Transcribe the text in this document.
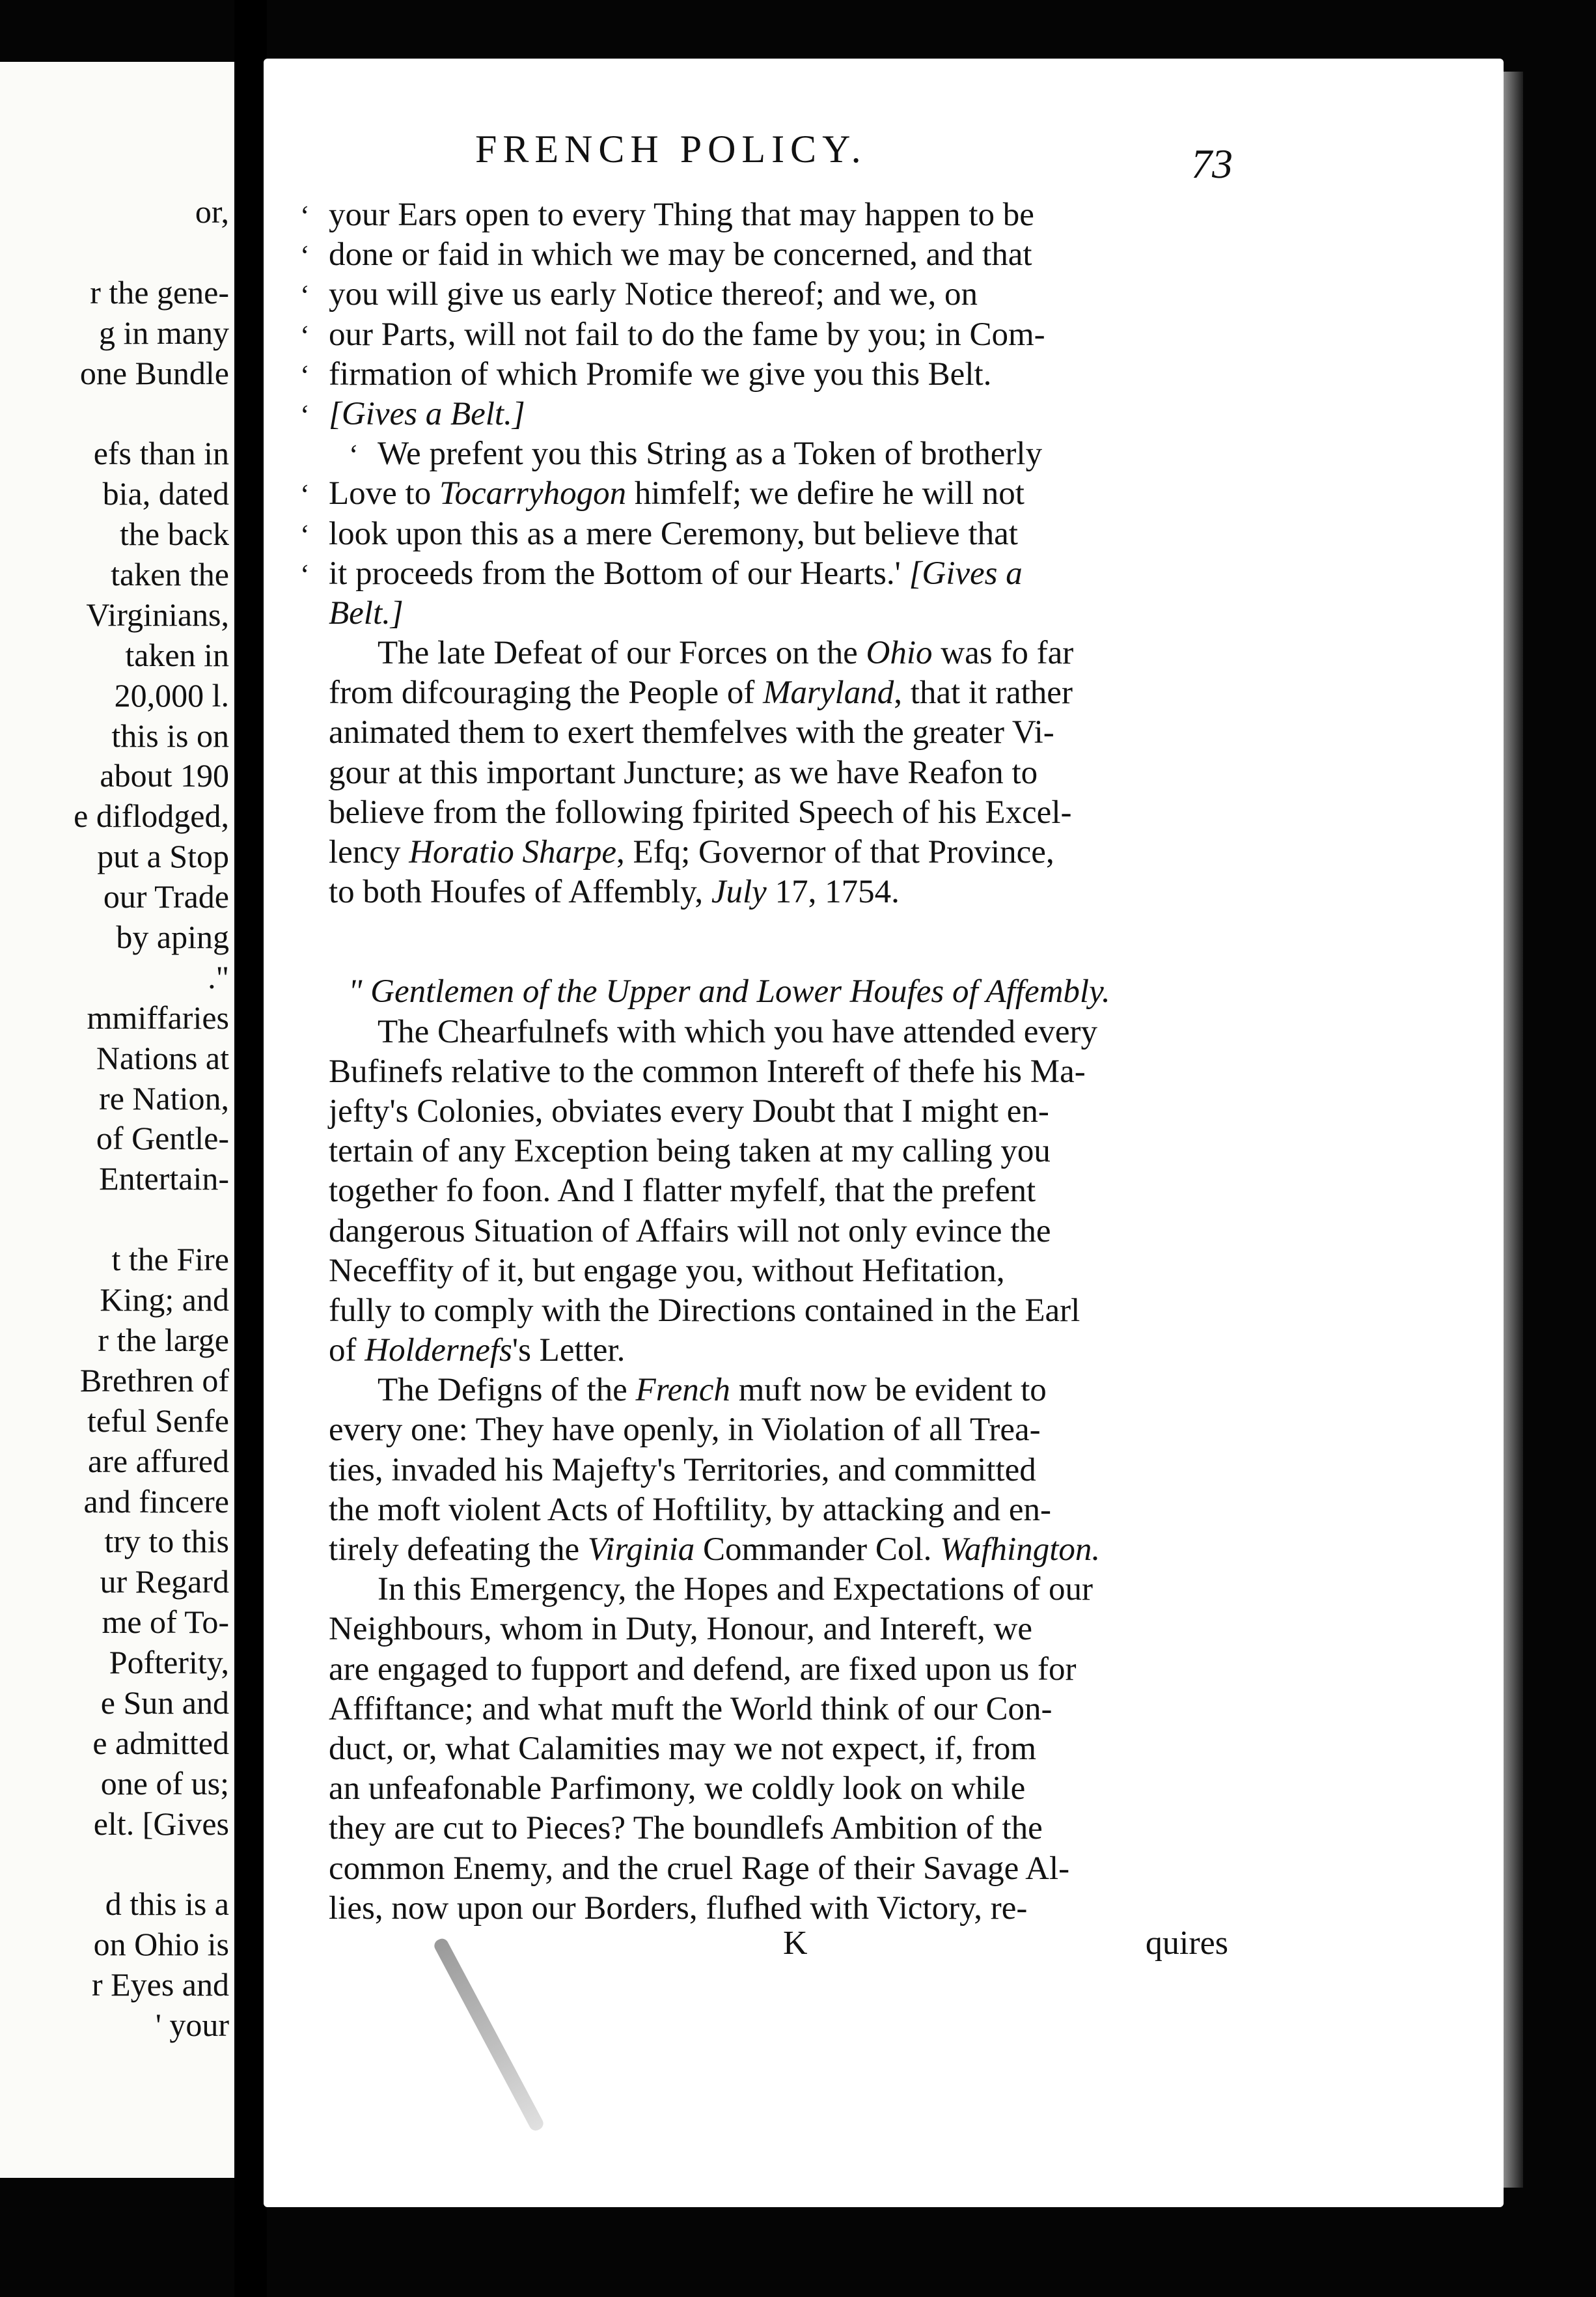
or,
r the gene-
g in many
one Bundle
efs than in
bia, dated
the back
taken the
Virginians,
taken in
20,000 l.
this is on
about 190
e diflodged,
put a Stop
our Trade
by aping
."
mmiffaries
Nations at
re Nation,
of Gentle-
Entertain-
t the Fire
King; and
r the large
Brethren of
teful Senfe
are affured
and fincere
try to this
ur Regard
me of To-
Pofterity,
e Sun and
e admitted
one of us;
elt. [Gives
d this is a
on Ohio is
r Eyes and
' your
FRENCH POLICY.	73
‘ your Ears open to every Thing that may happen to be
‘ done or faid in which we may be concerned, and that
‘ you will give us early Notice thereof; and we, on
‘ our Parts, will not fail to do the fame by you; in Com-
‘ firmation of which Promife we give you this Belt.
‘ [Gives a Belt.]
‘ We prefent you this String as a Token of brotherly
‘ Love to Tocarryhogon himfelf; we defire he will not
‘ look upon this as a mere Ceremony, but believe that
‘ it proceeds from the Bottom of our Hearts.' [Gives a
Belt.]
The late Defeat of our Forces on the Ohio was fo far
from difcouraging the People of Maryland, that it rather
animated them to exert themfelves with the greater Vi-
gour at this important Juncture; as we have Reafon to
believe from the following fpirited Speech of his Excel-
lency Horatio Sharpe, Efq; Governor of that Province,
to both Houfes of Affembly, July 17, 1754.
" Gentlemen of the Upper and Lower Houfes of Affembly.
The Chearfulnefs with which you have attended every
Bufinefs relative to the common Intereft of thefe his Ma-
jefty's Colonies, obviates every Doubt that I might en-
tertain of any Exception being taken at my calling you
together fo foon. And I flatter myfelf, that the prefent
dangerous Situation of Affairs will not only evince the
Neceffity of it, but engage you, without Hefitation,
fully to comply with the Directions contained in the Earl
of Holdernefs's Letter.
The Defigns of the French muft now be evident to
every one: They have openly, in Violation of all Trea-
ties, invaded his Majefty's Territories, and committed
the moft violent Acts of Hoftility, by attacking and en-
tirely defeating the Virginia Commander Col. Wafhington.
In this Emergency, the Hopes and Expectations of our
Neighbours, whom in Duty, Honour, and Intereft, we
are engaged to fupport and defend, are fixed upon us for
Affiftance; and what muft the World think of our Con-
duct, or, what Calamities may we not expect, if, from
an unfeafonable Parfimony, we coldly look on while
they are cut to Pieces? The boundlefs Ambition of the
common Enemy, and the cruel Rage of their Savage Al-
lies, now upon our Borders, flufhed with Victory, re-
K	quires
